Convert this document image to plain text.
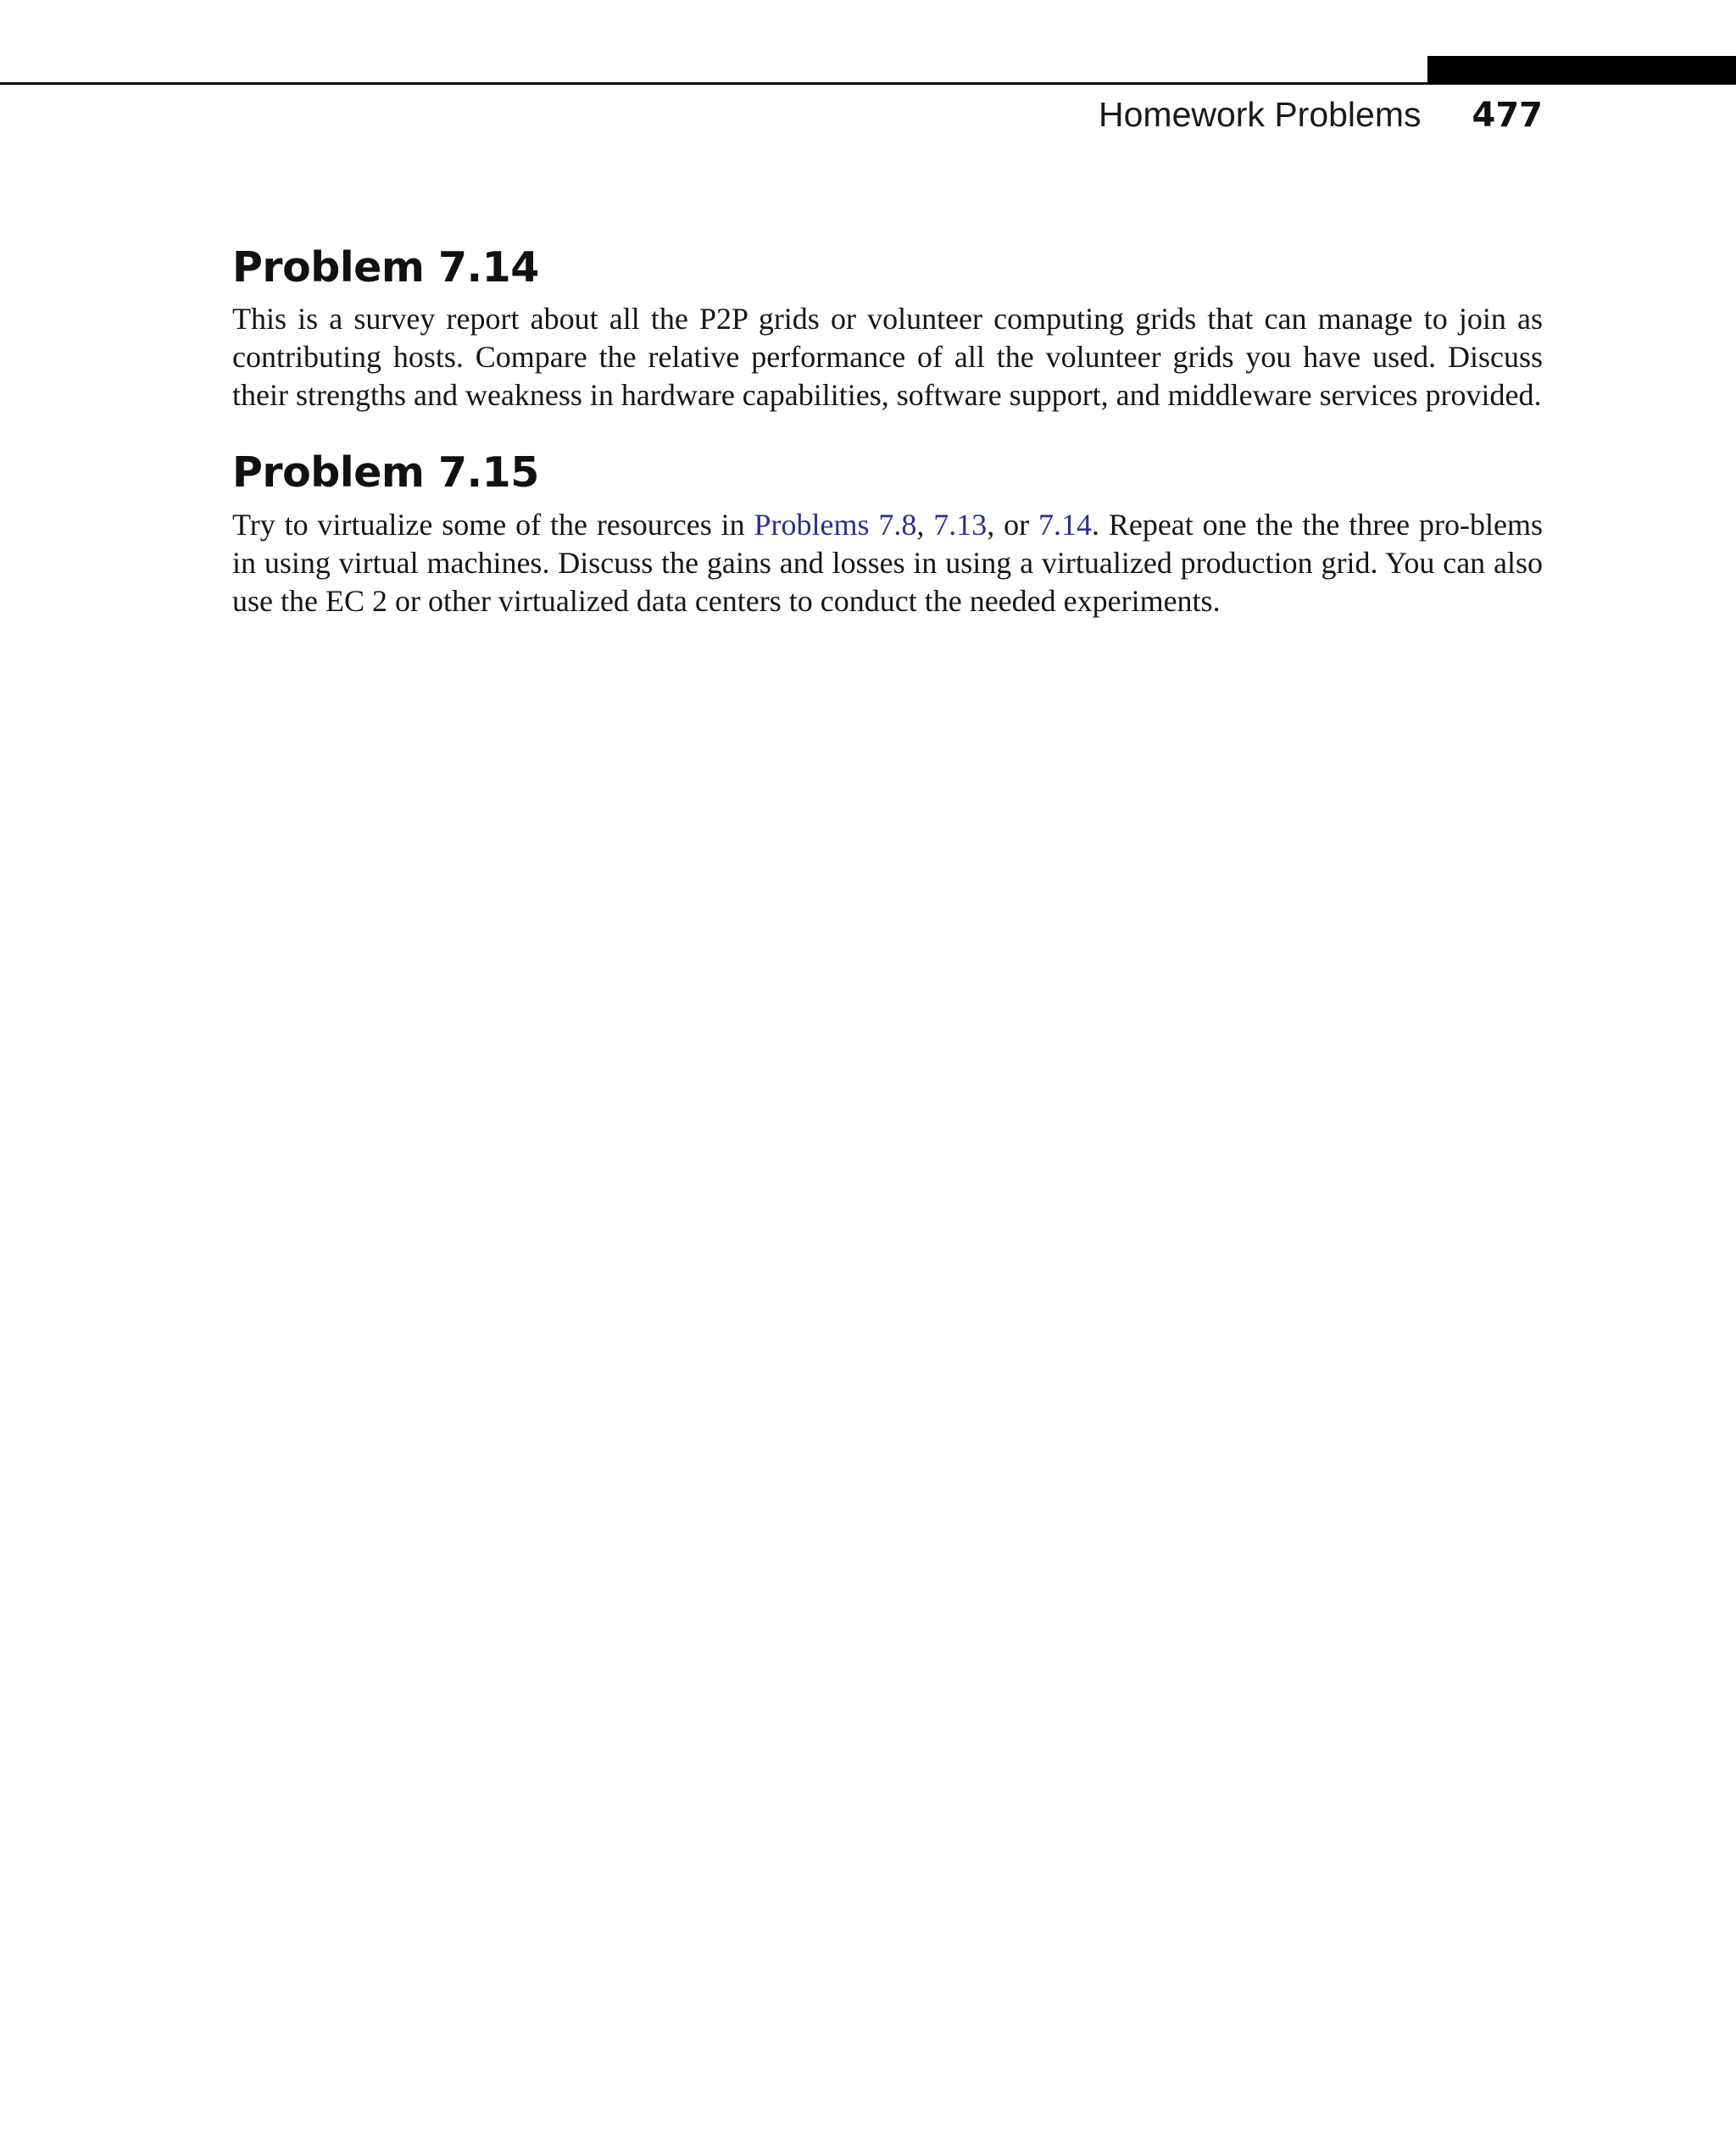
Homework Problems 477
Problem 7.14

This is a survey report about all the P2P grids or volunteer computing grids that can manage to join as contributing hosts. Compare the relative performance of all the volunteer grids you have used. Discuss their strengths and weakness in hardware capabilities, software support, and middleware services provided.

Problem 7.15

Try to virtualize some of the resources in Problems 7.8, 7.13, or 7.14. Repeat one the the three pro-blems in using virtual machines. Discuss the gains and losses in using a virtualized production grid. You can also use the EC 2 or other virtualized data centers to conduct the needed experiments.
